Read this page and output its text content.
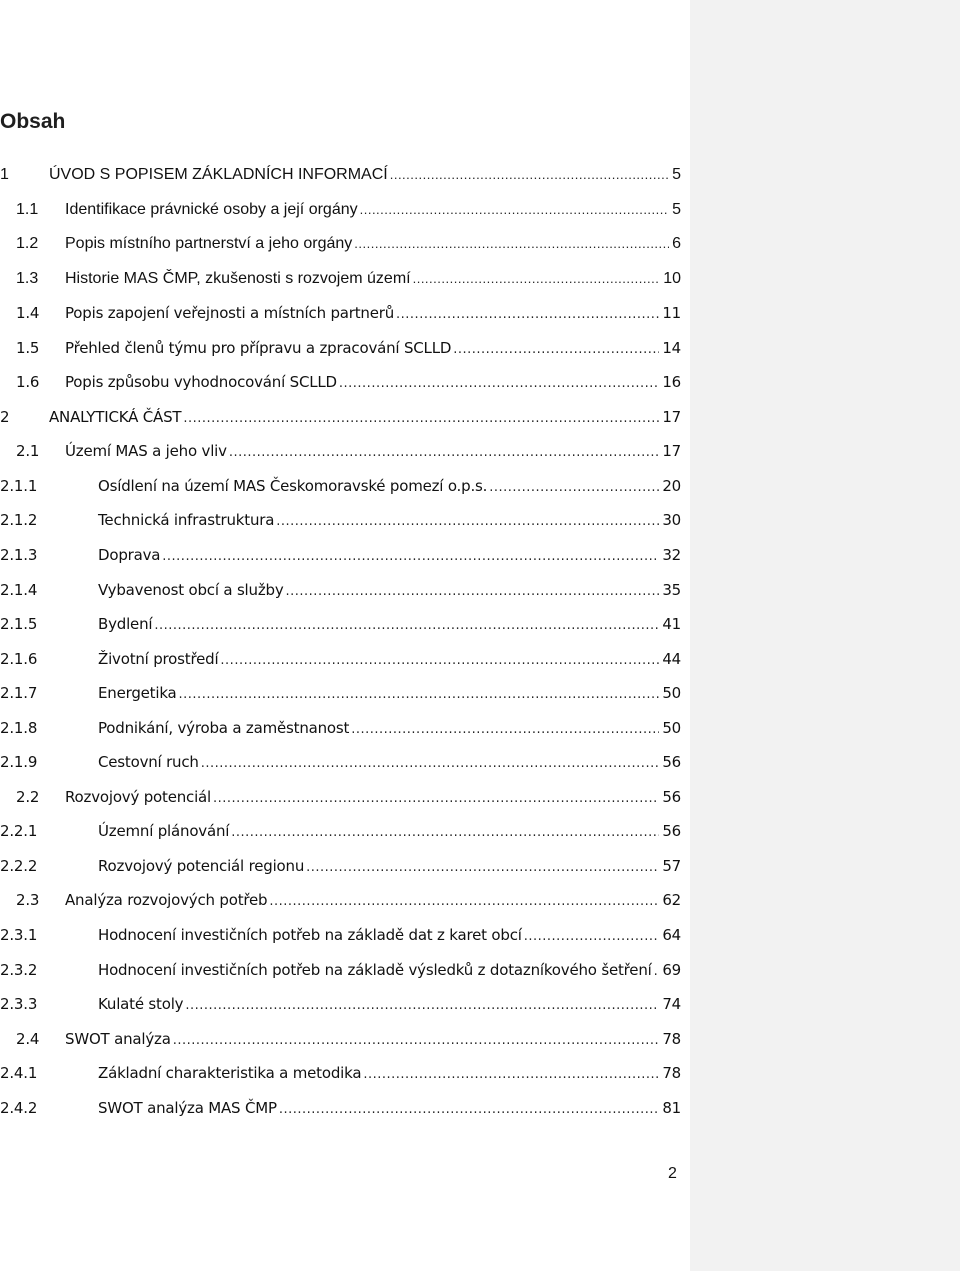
Obsah
1	ÚVOD S POPISEM ZÁKLADNÍCH INFORMACÍ .....	5
1.1 Identifikace právnické osoby a její orgány .....	5
1.2 Popis místního partnerství a jeho orgány .....	6
1.3 Historie MAS ČMP, zkušenosti s rozvojem území .....	10
1.4 Popis zapojení veřejnosti a místních partnerů .....	11
1.5 Přehled členů týmu pro přípravu a zpracování SCLLD .....	14
1.6 Popis způsobu vyhodnocování SCLLD .....	16
2	ANALYTICKÁ ČÁST .....	17
2.1 Území MAS a jeho vliv .....	17
2.1.1	Osídlení na území MAS Českomoravské pomezí o.p.s. .....	20
2.1.2	Technická infrastruktura .....	30
2.1.3	Doprava .....	32
2.1.4	Vybavenost obcí a služby .....	35
2.1.5	Bydlení .....	41
2.1.6	Životní prostředí .....	44
2.1.7	Energetika .....	50
2.1.8	Podnikání, výroba a zaměstnanost .....	50
2.1.9	Cestovní ruch .....	56
2.2 Rozvojový potenciál .....	56
2.2.1	Územní plánování .....	56
2.2.2	Rozvojový potenciál regionu .....	57
2.3 Analýza rozvojových potřeb .....	62
2.3.1	Hodnocení investičních potřeb na základě dat z karet obcí .....	64
2.3.2	Hodnocení investičních potřeb na základě výsledků z dotazníkového šetření ..... 69
2.3.3	Kulaté stoly .....	74
2.4 SWOT analýza .....	78
2.4.1	Základní charakteristika a metodika .....	78
2.4.2	SWOT analýza MAS ČMP .....	81
2
